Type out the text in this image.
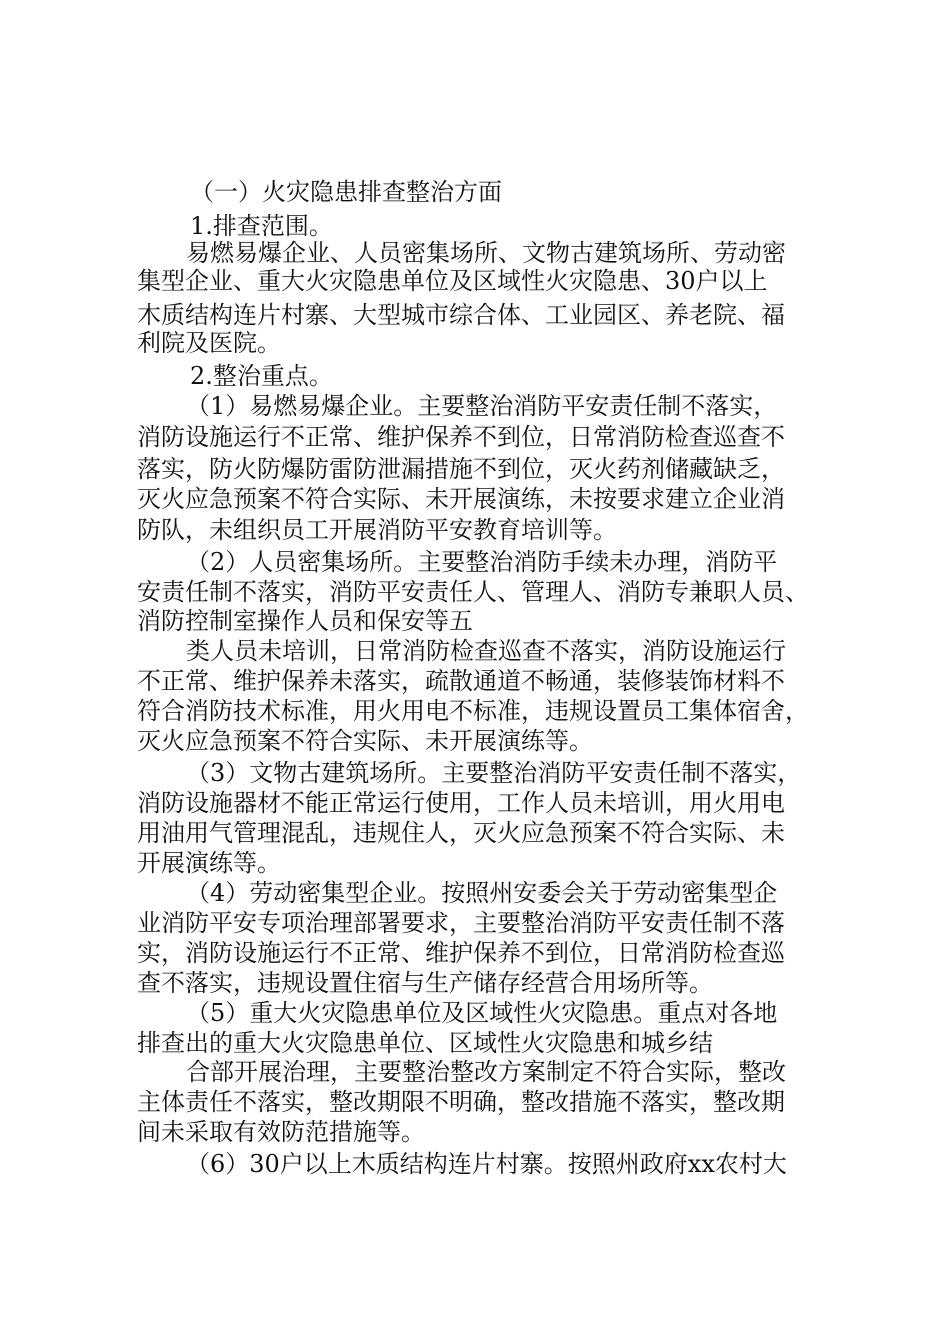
（一）火灾隐患排查整治方面
1.排查范围。
易燃易爆企业、人员密集场所、文物古建筑场所、劳动密
集型企业、重大火灾隐患单位及区域性火灾隐患、30户以上
木质结构连片村寨、大型城市综合体、工业园区、养老院、福
利院及医院。
2.整治重点。
（1）易燃易爆企业。主要整治消防平安责任制不落实，
消防设施运行不正常、维护保养不到位，日常消防检查巡查不
落实，防火防爆防雷防泄漏措施不到位，灭火药剂储藏缺乏，
灭火应急预案不符合实际、未开展演练，未按要求建立企业消
防队，未组织员工开展消防平安教育培训等。
（2）人员密集场所。主要整治消防手续未办理，消防平
安责任制不落实，消防平安责任人、管理人、消防专兼职人员、
消防控制室操作人员和保安等五
类人员未培训，日常消防检查巡查不落实，消防设施运行
不正常、维护保养未落实，疏散通道不畅通，装修装饰材料不
符合消防技术标准，用火用电不标准，违规设置员工集体宿舍，
灭火应急预案不符合实际、未开展演练等。
（3）文物古建筑场所。主要整治消防平安责任制不落实，
消防设施器材不能正常运行使用，工作人员未培训，用火用电
用油用气管理混乱，违规住人，灭火应急预案不符合实际、未
开展演练等。
（4）劳动密集型企业。按照州安委会关于劳动密集型企
业消防平安专项治理部署要求，主要整治消防平安责任制不落
实，消防设施运行不正常、维护保养不到位，日常消防检查巡
查不落实，违规设置住宿与生产储存经营合用场所等。
（5）重大火灾隐患单位及区域性火灾隐患。重点对各地
排查出的重大火灾隐患单位、区域性火灾隐患和城乡结
合部开展治理，主要整治整改方案制定不符合实际，整改
主体责任不落实，整改期限不明确，整改措施不落实，整改期
间未采取有效防范措施等。
（6）30户以上木质结构连片村寨。按照州政府xx农村大
